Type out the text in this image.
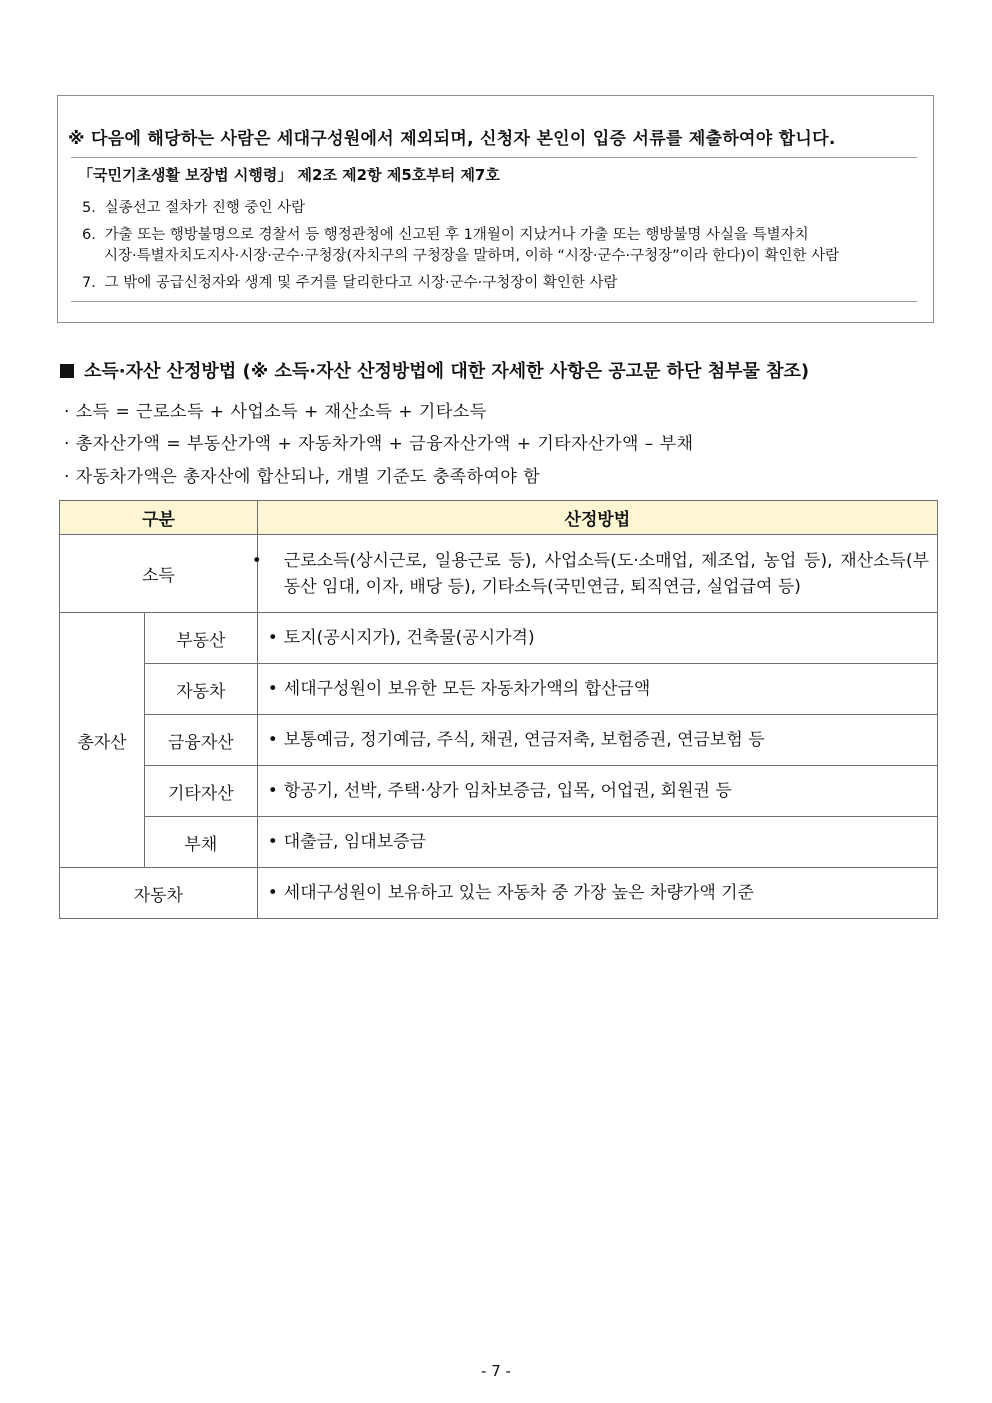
※ 다음에 해당하는 사람은 세대구성원에서 제외되며, 신청자 본인이 입증 서류를 제출하여야 합니다.
「국민기초생활 보장법 시행령」 제2조 제2항 제5호부터 제7호
5. 실종선고 절차가 진행 중인 사람
6. 가출 또는 행방불명으로 경찰서 등 행정관청에 신고된 후 1개월이 지났거나 가출 또는 행방불명 사실을 특별자치
시장·특별자치도지사·시장·군수·구청장(자치구의 구청장을 말하며, 이하 “시장·군수·구청장”이라 한다)이 확인한 사람
7. 그 밖에 공급신청자와 생계 및 주거를 달리한다고 시장·군수·구청장이 확인한 사람
소득·자산 산정방법 (※ 소득·자산 산정방법에 대한 자세한 사항은 공고문 하단 첨부물 참조)
· 소득 = 근로소득 + 사업소득 + 재산소득 + 기타소득
· 총자산가액 = 부동산가액 + 자동차가액 + 금융자산가액 + 기타자산가액 – 부채
· 자동차가액은 총자산에 합산되나, 개별 기준도 충족하여야 함
구분		산정방법
소득		• 근로소득(상시근로, 일용근로 등), 사업소득(도·소매업, 제조업, 농업 등), 재산소득(부동산 임대, 이자, 배당 등), 기타소득(국민연금, 퇴직연금, 실업급여 등)

총자산	부동산	• 토지(공시지가), 건축물(공시가격)
	자동차	• 세대구성원이 보유한 모든 자동차가액의 합산금액
	금융자산	• 보통예금, 정기예금, 주식, 채권, 연금저축, 보험증권, 연금보험 등
	기타자산	• 항공기, 선박, 주택·상가 임차보증금, 입목, 어업권, 회원권 등
	부채	• 대출금, 임대보증금
자동차		• 세대구성원이 보유하고 있는 자동차 중 가장 높은 차량가액 기준
- 7 -
